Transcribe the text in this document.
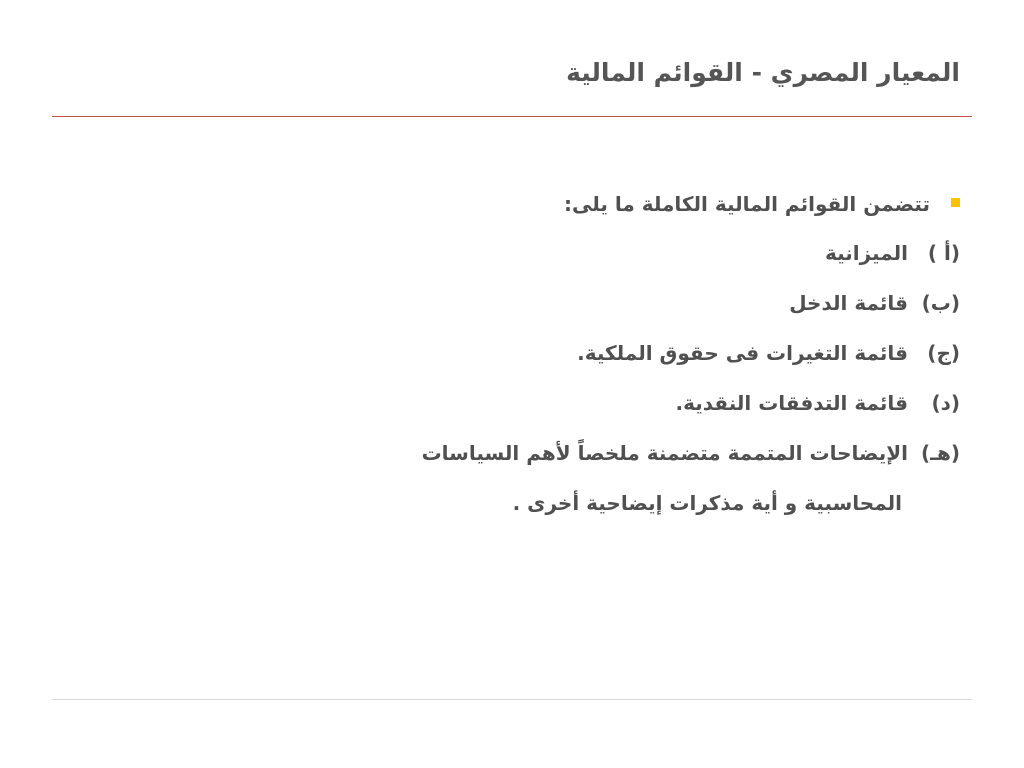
المعيار المصري - القوائم المالية
تتضمن القوائم المالية الكاملة ما يلى:
(أ )
الميزانية
(ب)
قائمة الدخل
(ج)
قائمة التغيرات فى حقوق الملكية.
(د)
قائمة التدفقات النقدية.
(هـ)
الإيضاحات المتممة متضمنة ملخصاً لأهم السياسات
المحاسبية و أية مذكرات إيضاحية أخرى .
